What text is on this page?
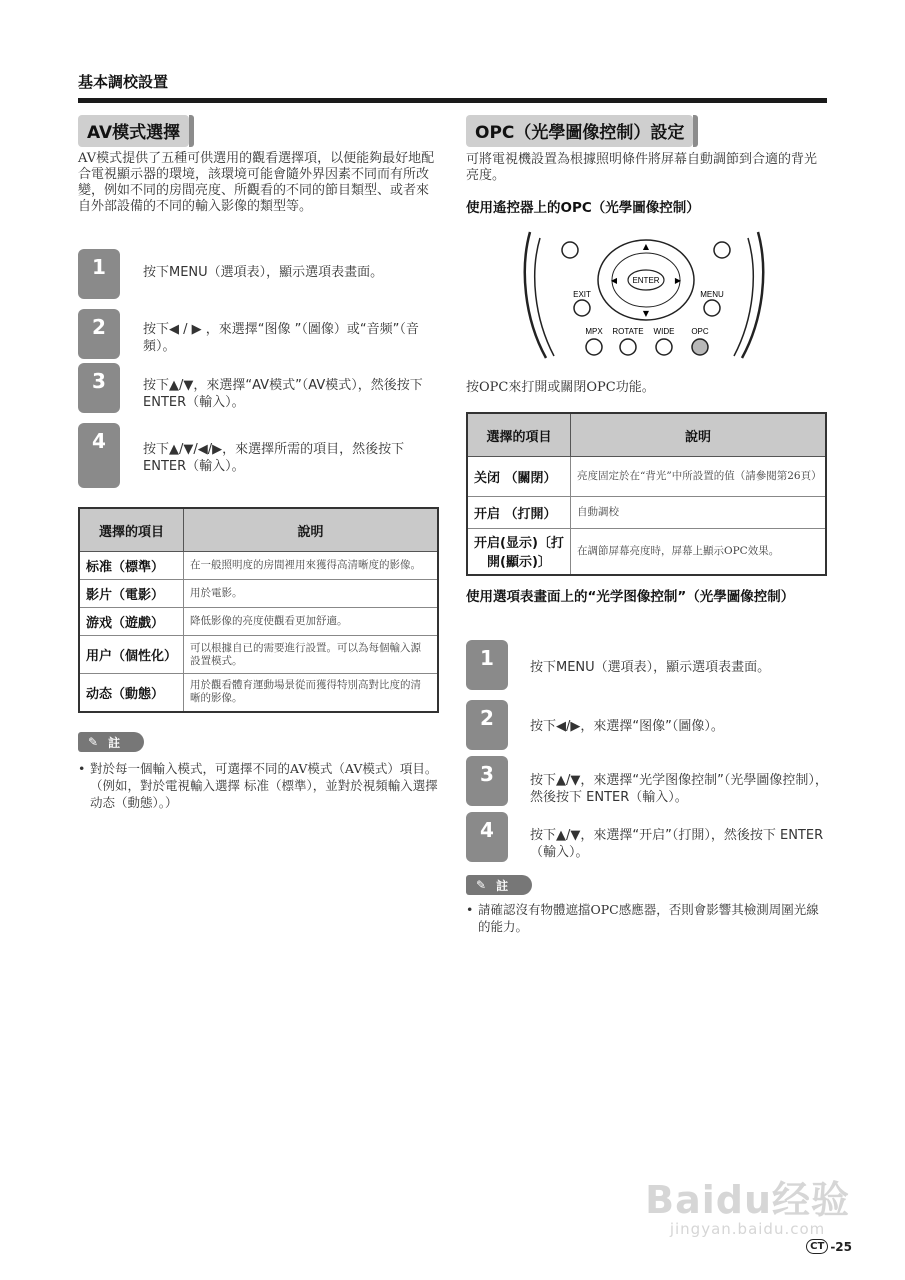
基本調校設置
AV模式選擇
AV模式提供了五種可供選用的觀看選擇項，以便能夠最好地配合電視顯示器的環境，該環境可能會隨外界因素不同而有所改變，例如不同的房間亮度、所觀看的不同的節目類型、或者來自外部設備的不同的輸入影像的類型等。
1	按下MENU（選項表），顯示選項表畫面。
2	按下◀ / ▶ ，來選擇“图像 ”（圖像）或“音频”（音頻）。
3	按下▲/▼，來選擇“AV模式”（AV模式），然後按下 ENTER（輸入）。
4	按下▲/▼/◀/▶，來選擇所需的項目，然後按下ENTER（輸入）。
選擇的項目	說明
标准（標準）	在一般照明度的房間裡用來獲得高清晰度的影像。
影片（電影）	用於電影。
游戏（遊戲）	降低影像的亮度使觀看更加舒適。
用户（個性化）	可以根據自已的需要進行設置。可以為每個輸入源設置模式。
动态（動態）	用於觀看體育運動場景從而獲得特別高對比度的清晰的影像。
✎ 註
• 對於每一個輸入模式，可選擇不同的AV模式（AV模式）項目。（例如，對於電視輸入選擇 标准（標準），並對於視頻輸入選擇 动态（動態）。）
OPC（光學圖像控制）設定
可將電視機設置為根據照明條件將屏幕自動調節到合適的背光亮度。
使用遙控器上的OPC（光學圖像控制）
ENTER
▲
▼
◀	▶
EXIT	MENU
MPX ROTATE WIDE OPC
按OPC來打開或關閉OPC功能。
選擇的項目	說明
关闭 （關閉）	亮度固定於在“背光”中所設置的值（請參閱第26頁）
开启 （打開）	自動調校
开启(显示)〔打開(顯示)〕	在調節屏幕亮度時，屏幕上顯示OPC效果。
使用選項表畫面上的“光学图像控制”（光學圖像控制）
1	按下MENU（選項表），顯示選項表畫面。
2	按下◀/▶，來選擇“图像”（圖像）。
3	按下▲/▼，來選擇“光学图像控制”（光學圖像控制），然後按下 ENTER（輸入）。
4	按下▲/▼，來選擇“开启”（打開），然後按下 ENTER（輸入）。
✎ 註
• 請確認沒有物體遮擋OPC感應器，否則會影響其檢測周圍光線的能力。
Baidu经验
jingyan.baidu.com
CT -25
